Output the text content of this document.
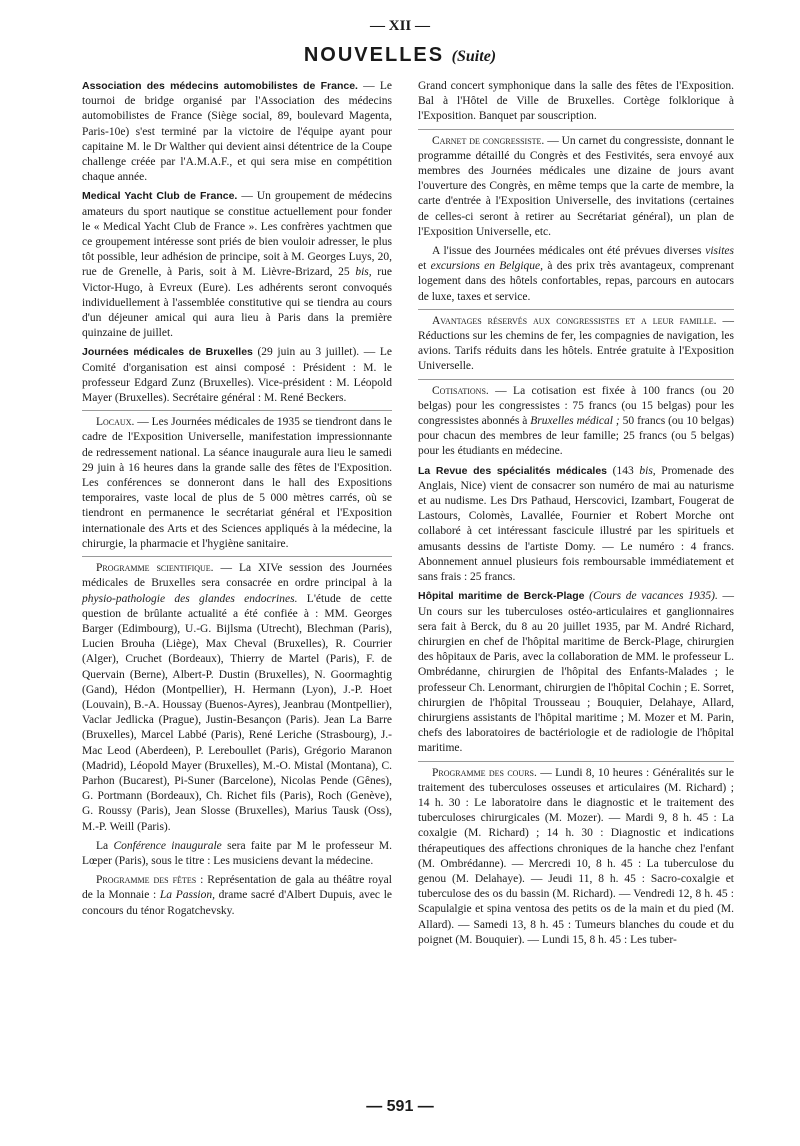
— XII —
NOUVELLES (Suite)

Association des médecins automobilistes de France. — Le tournoi de bridge organisé par l'Association des médecins automobilistes de France (Siège social, 89, boulevard Magenta, Paris-10e) s'est terminé par la victoire de l'équipe ayant pour capitaine M. le Dr Walther qui devient ainsi détentrice de la Coupe challenge créée par l'A.M.A.F., et qui sera mise en compétition chaque année.

Medical Yacht Club de France. — Un groupement de médecins amateurs du sport nautique se constitue actuellement pour fonder le « Medical Yacht Club de France ». Les confrères yachtmen que ce groupement intéresse sont priés de bien vouloir adresser, le plus tôt possible, leur adhésion de principe, soit à M. Georges Luys, 20, rue de Grenelle, à Paris, soit à M. Lièvre-Brizard, 25 bis, rue Victor-Hugo, à Evreux (Eure). Les adhérents seront convoqués individuellement à l'assemblée constitutive qui se tiendra au cours d'un déjeuner amical qui aura lieu à Paris dans la première quinzaine de juillet.

Journées médicales de Bruxelles (29 juin au 3 juillet). — Le Comité d'organisation est ainsi composé : Président : M. le professeur Edgard Zunz (Bruxelles). Vice-président : M. Léopold Mayer (Bruxelles). Secrétaire général : M. René Beckers.

Locaux. — Les Journées médicales de 1935 se tiendront dans le cadre de l'Exposition Universelle, manifestation impressionnante de redressement national. La séance inaugurale aura lieu le samedi 29 juin à 16 heures dans la grande salle des fêtes de l'Exposition. Les conférences se donneront dans le hall des Expositions temporaires, vaste local de plus de 5 000 mètres carrés, où se tiendront en permanence le secrétariat général et l'Exposition internationale des Arts et des Sciences appliqués à la médecine, la chirurgie, la pharmacie et l'hygiène sanitaire.

Programme scientifique. — La XIVe session des Journées médicales de Bruxelles sera consacrée en ordre principal à la physio-pathologie des glandes endocrines. L'étude de cette question de brûlante actualité a été confiée à : MM. Georges Barger (Edimbourg), U.-G. Bijlsma (Utrecht), Blechman (Paris), Lucien Brouha (Liège), Max Cheval (Bruxelles), R. Courrier (Alger), Cruchet (Bordeaux), Thierry de Martel (Paris), F. de Quervain (Berne), Albert-P. Dustin (Bruxelles), N. Goormaghtig (Gand), Hédon (Montpellier), H. Hermann (Lyon), J.-P. Hoet (Louvain), B.-A. Houssay (Buenos-Ayres), Jeanbrau (Montpellier), Vaclar Jedlicka (Prague), Justin-Besançon (Paris). Jean La Barre (Bruxelles), Marcel Labbé (Paris), René Leriche (Strasbourg), J.-Mac Leod (Aberdeen), P. Lereboullet (Paris), Grégorio Maranon (Madrid), Léopold Mayer (Bruxelles), M.-O. Mistal (Montana), C. Parhon (Bucarest), Pi-Suner (Barcelone), Nicolas Pende (Gênes), G. Portmann (Bordeaux), Ch. Richet fils (Paris), Roch (Genève), G. Roussy (Paris), Jean Slosse (Bruxelles), Marius Tausk (Oss), M.-P. Weill (Paris).

La Conférence inaugurale sera faite par M le professeur M. Lœper (Paris), sous le titre : Les musiciens devant la médecine.

Programme des fêtes : Représentation de gala au théâtre royal de la Monnaie : La Passion, drame sacré d'Albert Dupuis, avec le concours du ténor Rogatchevsky.

Grand concert symphonique dans la salle des fêtes de l'Exposition. Bal à l'Hôtel de Ville de Bruxelles. Cortège folklorique à l'Exposition. Banquet par souscription.

Carnet de congressiste. — Un carnet du congressiste, donnant le programme détaillé du Congrès et des Festivités, sera envoyé aux membres des Journées médicales une dizaine de jours avant l'ouverture des Congrès, en même temps que la carte de membre, la carte d'entrée à l'Exposition Universelle, des invitations (certaines de celles-ci seront à retirer au Secrétariat général), un plan de l'Exposition Universelle, etc.

A l'issue des Journées médicales ont été prévues diverses visites et excursions en Belgique, à des prix très avantageux, comprenant logement dans des hôtels confortables, repas, parcours en autocars de luxe, taxes et service.

Avantages réservés aux congressistes et a leur famille. — Réductions sur les chemins de fer, les compagnies de navigation, les avions. Tarifs réduits dans les hôtels. Entrée gratuite à l'Exposition Universelle.

Cotisations. — La cotisation est fixée à 100 francs (ou 20 belgas) pour les congressistes : 75 francs (ou 15 belgas) pour les congressistes abonnés à Bruxelles médical ; 50 francs (ou 10 belgas) pour chacun des membres de leur famille; 25 francs (ou 5 belgas) pour les étudiants en médecine.

La Revue des spécialités médicales (143 bis, Promenade des Anglais, Nice) vient de consacrer son numéro de mai au naturisme et au nudisme. Les Drs Pathaud, Herscovici, Izambart, Fougerat de Lastours, Colomès, Lavallée, Fournier et Robert Morche ont collaboré à cet intéressant fascicule illustré par les spirituels et amusants dessins de l'artiste Domy. — Le numéro : 4 francs. Abonnement annuel plusieurs fois remboursable immédiatement et sans frais : 25 francs.

Hôpital maritime de Berck-Plage (Cours de vacances 1935). — Un cours sur les tuberculoses ostéo-articulaires et ganglionnaires sera fait à Berck, du 8 au 20 juillet 1935, par M. André Richard, chirurgien en chef de l'hôpital maritime de Berck-Plage, chirurgien des hôpitaux de Paris, avec la collaboration de MM. le professeur L. Ombrédanne, chirurgien de l'hôpital des Enfants-Malades ; le professeur Ch. Lenormant, chirurgien de l'hôpital Cochin ; E. Sorret, chirurgien de l'hôpital Trousseau ; Bouquier, Delahaye, Allard, chirurgiens assistants de l'hôpital maritime ; M. Mozer et M. Parin, chefs des laboratoires de bactériologie et de radiologie de l'hôpital maritime.

Programme des cours. — Lundi 8, 10 heures : Généralités sur le traitement des tuberculoses osseuses et articulaires (M. Richard) ; 14 h. 30 : Le laboratoire dans le diagnostic et le traitement des tuberculoses chirurgicales (M. Mozer). — Mardi 9, 8 h. 45 : La coxalgie (M. Richard) ; 14 h. 30 : Diagnostic et indications thérapeutiques des affections chroniques de la hanche chez l'enfant (M. Ombrédanne). — Mercredi 10, 8 h. 45 : La tuberculose du genou (M. Delahaye). — Jeudi 11, 8 h. 45 : Sacro-coxalgie et tuberculose des os du bassin (M. Richard). — Vendredi 12, 8 h. 45 : Scapulalgie et spina ventosa des petits os de la main et du pied (M. Allard). — Samedi 13, 8 h. 45 : Tumeurs blanches du coude et du poignet (M. Bouquier). — Lundi 15, 8 h. 45 : Les tuber-

— 591 —
